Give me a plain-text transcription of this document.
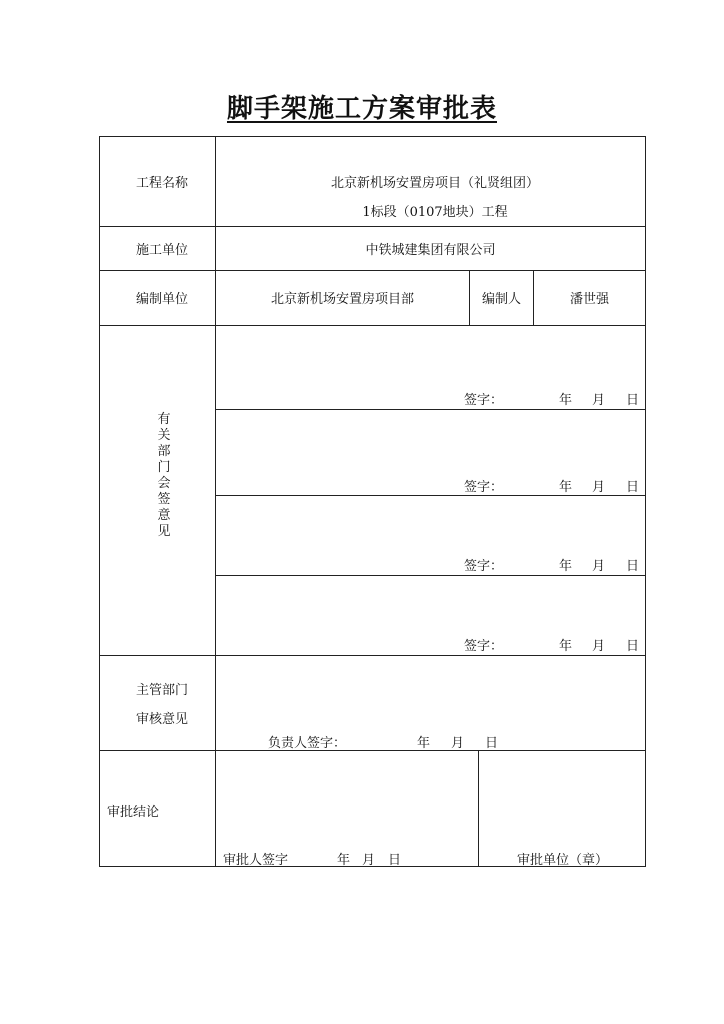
脚手架施工方案审批表
工程名称	北京新机场安置房项目（礼贤组团）
1标段（0107地块）工程
施工单位	中铁城建集团有限公司
编制单位	北京新机场安置房项目部	编制人	潘世强
有
关
部
门
会
签
意
见
签字：	年 月 日
签字：	年 月 日
签字：	年 月 日
签字：	年 月 日
主管部门
审核意见
负责人签字：	年 月 日
审批结论
审批人签字	年 月 日	审批单位（章）
